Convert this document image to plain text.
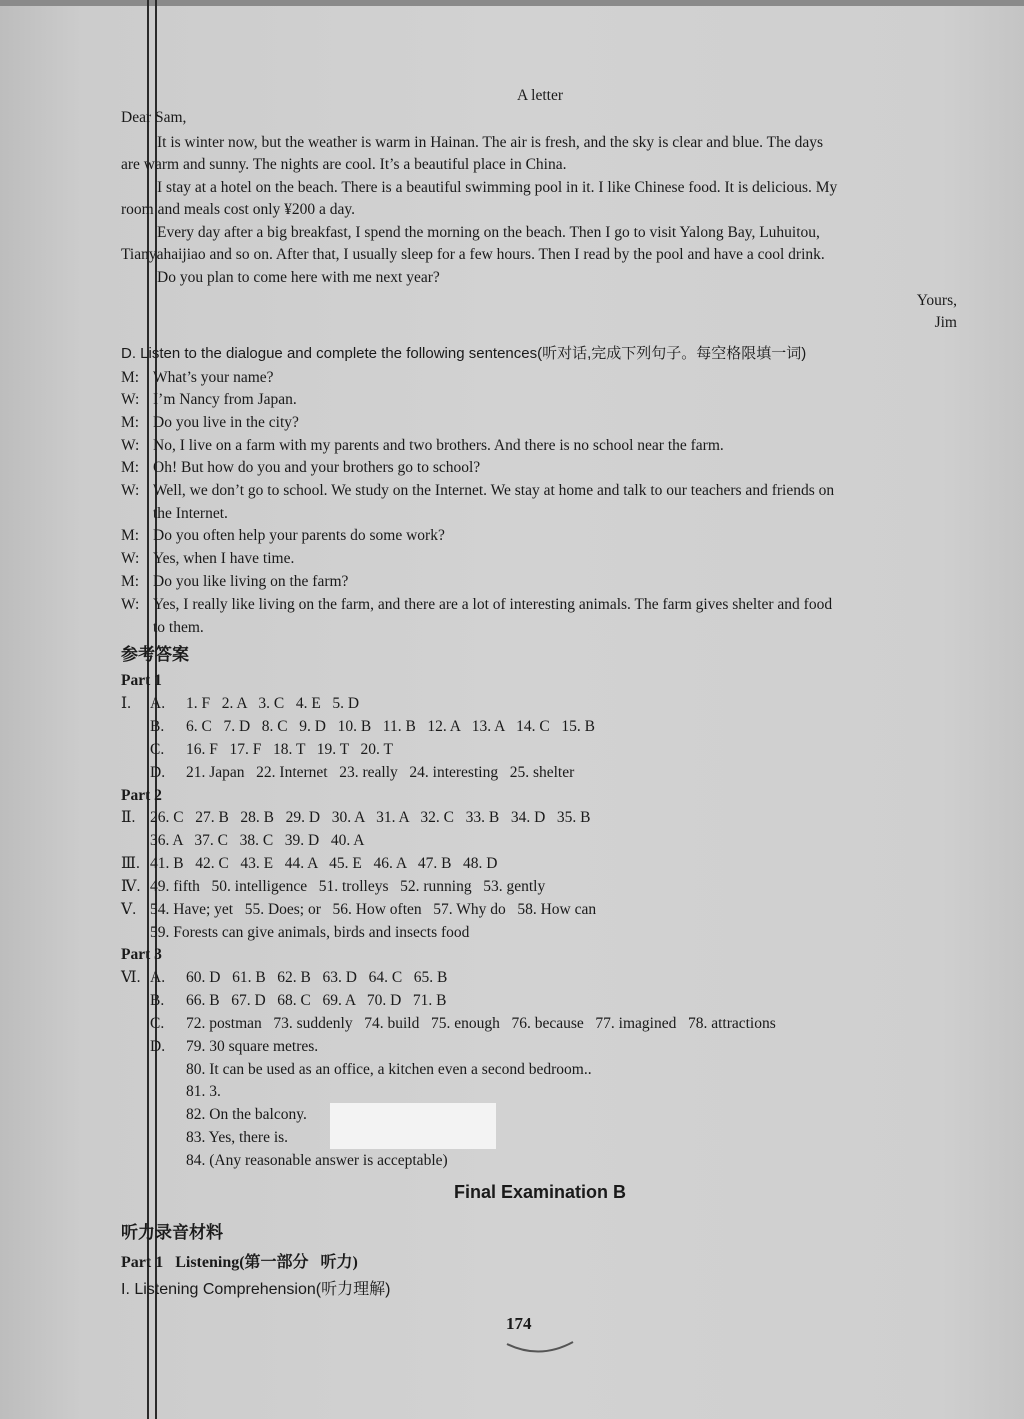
A letter
Dear Sam,
It is winter now, but the weather is warm in Hainan. The air is fresh, and the sky is clear and blue. The days
are warm and sunny. The nights are cool. It’s a beautiful place in China.
I stay at a hotel on the beach. There is a beautiful swimming pool in it. I like Chinese food. It is delicious. My
room and meals cost only ¥200 a day.
Every day after a big breakfast, I spend the morning on the beach. Then I go to visit Yalong Bay, Luhuitou,
Tianyahaijiao and so on. After that, I usually sleep for a few hours. Then I read by the pool and have a cool drink.
Do you plan to come here with me next year?
Yours,
Jim
D. Listen to the dialogue and complete the following sentences(听对话,完成下列句子。每空格限填一词)
M: What’s your name?
W: I’m Nancy from Japan.
M: Do you live in the city?
W: No, I live on a farm with my parents and two brothers. And there is no school near the farm.
M: Oh! But how do you and your brothers go to school?
W: Well, we don’t go to school. We study on the Internet. We stay at home and talk to our teachers and friends on
the Internet.
M: Do you often help your parents do some work?
W: Yes, when I have time.
M: Do you like living on the farm?
W: Yes, I really like living on the farm, and there are a lot of interesting animals. The farm gives shelter and food
to them.
参考答案
Part 1
Ⅰ. A. 1. F   2. A   3. C   4. E   5. D
B. 6. C   7. D   8. C   9. D   10. B   11. B   12. A   13. A   14. C   15. B
C. 16. F   17. F   18. T   19. T   20. T
D. 21. Japan   22. Internet   23. really   24. interesting   25. shelter
Part 2
Ⅱ. 26. C   27. B   28. B   29. D   30. A   31. A   32. C   33. B   34. D   35. B
36. A   37. C   38. C   39. D   40. A
Ⅲ. 41. B   42. C   43. E   44. A   45. E   46. A   47. B   48. D
Ⅳ. 49. fifth   50. intelligence   51. trolleys   52. running   53. gently
Ⅴ. 54. Have; yet   55. Does; or   56. How often   57. Why do   58. How can
59. Forests can give animals, birds and insects food
Part 3
Ⅵ. A. 60. D   61. B   62. B   63. D   64. C   65. B
B. 66. B   67. D   68. C   69. A   70. D   71. B
C. 72. postman   73. suddenly   74. build   75. enough   76. because   77. imagined   78. attractions
D. 79. 30 square metres.
80. It can be used as an office, a kitchen even a second bedroom..
81. 3.
82. On the balcony.
83. Yes, there is.
84. (Any reasonable answer is acceptable)
Final Examination B
听力录音材料
Part 1   Listening(第一部分   听力)
I. Listening Comprehension(听力理解)
174
